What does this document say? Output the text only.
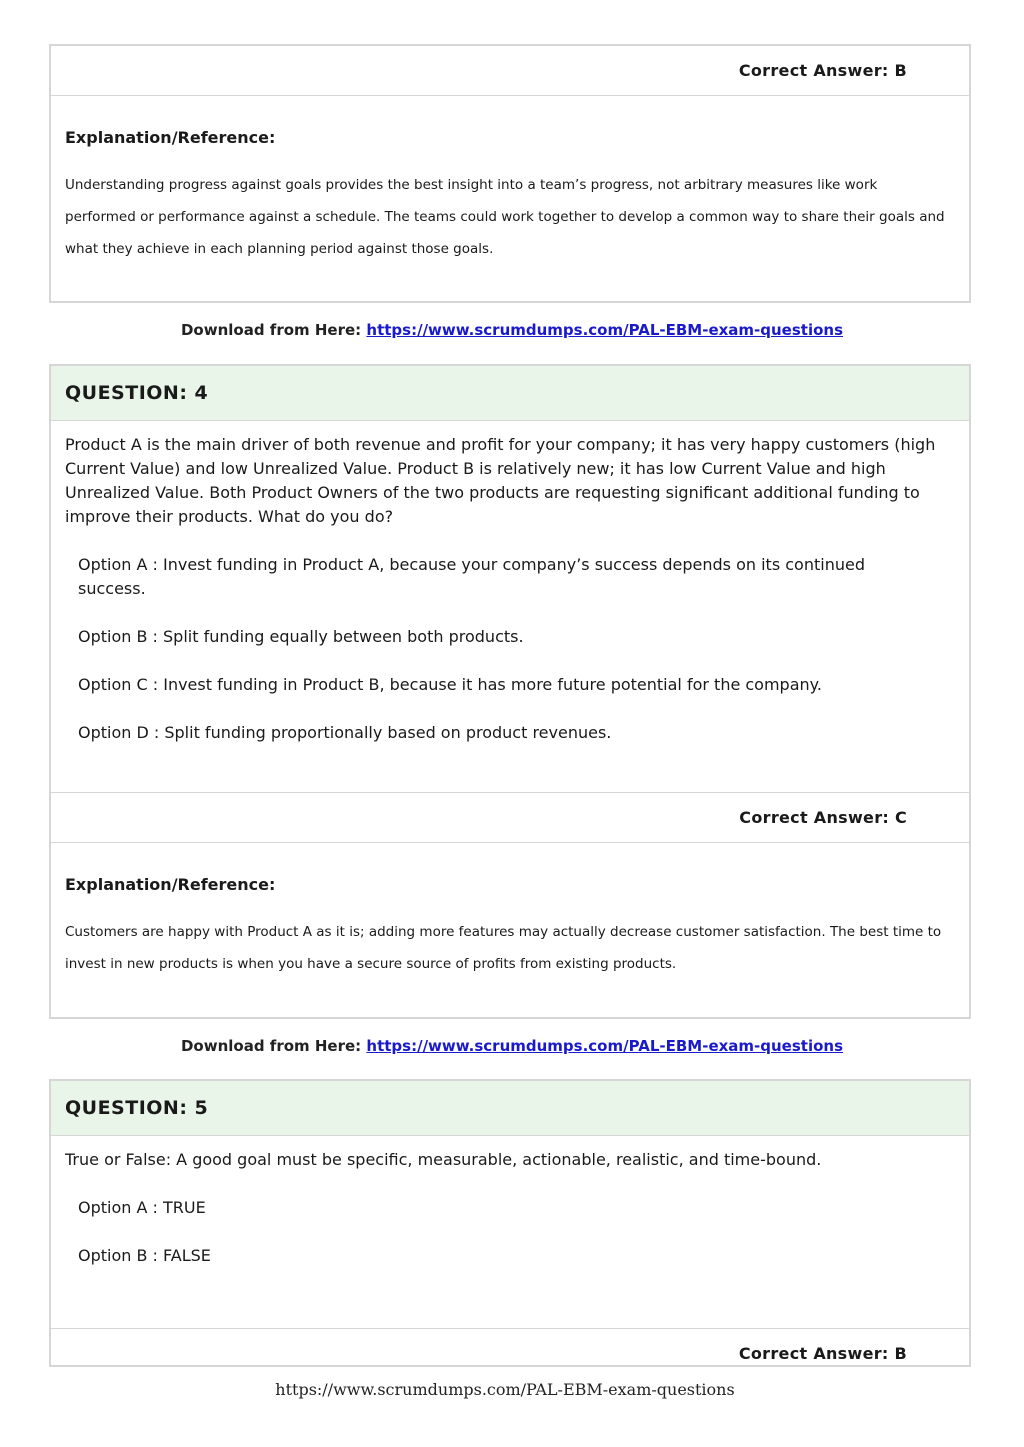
Correct Answer: B
Explanation/Reference:
Understanding progress against goals provides the best insight into a team’s progress, not arbitrary measures like work performed or performance against a schedule. The teams could work together to develop a common way to share their goals and what they achieve in each planning period against those goals.
Download from Here: https://www.scrumdumps.com/PAL-EBM-exam-questions
QUESTION: 4

Product A is the main driver of both revenue and profit for your company; it has very happy customers (high Current Value) and low Unrealized Value. Product B is relatively new; it has low Current Value and high Unrealized Value. Both Product Owners of the two products are requesting significant additional funding to improve their products. What do you do?

Option A : Invest funding in Product A, because your company’s success depends on its continued success.
Option B : Split funding equally between both products.
Option C : Invest funding in Product B, because it has more future potential for the company.
Option D : Split funding proportionally based on product revenues.
Correct Answer: C
Explanation/Reference:
Customers are happy with Product A as it is; adding more features may actually decrease customer satisfaction. The best time to invest in new products is when you have a secure source of profits from existing products.
Download from Here: https://www.scrumdumps.com/PAL-EBM-exam-questions
QUESTION: 5

True or False: A good goal must be specific, measurable, actionable, realistic, and time-bound.

Option A : TRUE
Option B : FALSE
Correct Answer: B
https://www.scrumdumps.com/PAL-EBM-exam-questions
